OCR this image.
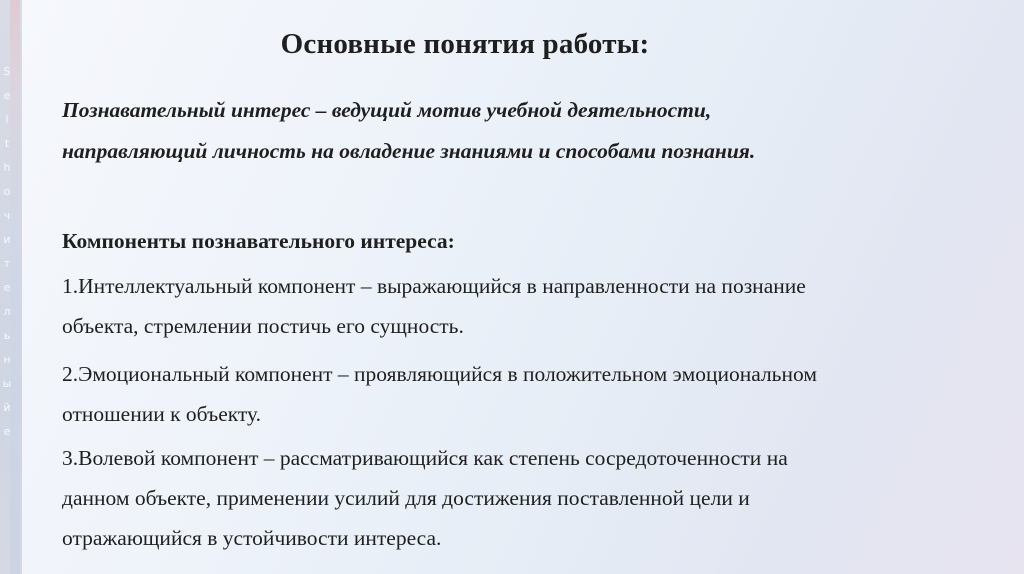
S
e
l
t
h
о
ч
и
т
е
л
ь
н
ы
й
е
Основные понятия работы:
Познавательный интерес – ведущий мотив учебной деятельности,
направляющий личность на овладение знаниями и способами познания.
Компоненты познавательного интереса:
1.Интеллектуальный компонент – выражающийся в направленности на познание
объекта, стремлении постичь его сущность.
2.Эмоциональный компонент – проявляющийся в положительном эмоциональном
отношении к объекту.
3.Волевой компонент – рассматривающийся как степень сосредоточенности на
данном объекте, применении усилий для достижения поставленной цели и
отражающийся в устойчивости интереса.
